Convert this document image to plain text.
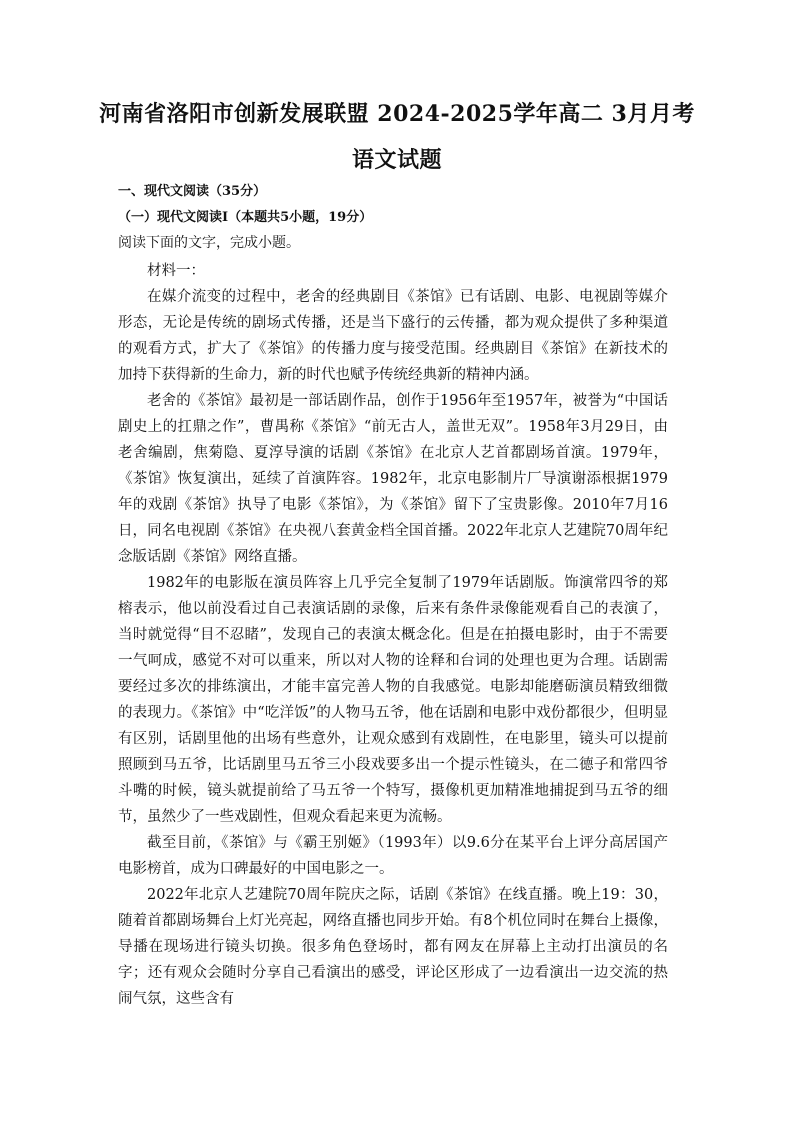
河南省洛阳市创新发展联盟 2024-2025学年高二 3月月考
语文试题
一、现代文阅读（35分）
（一）现代文阅读Ⅰ（本题共5小题，19分）
阅读下面的文字，完成小题。

材料一：

在媒介流变的过程中，老舍的经典剧目《茶馆》已有话剧、电影、电视剧等媒介形态，无论是传统的剧场式传播，还是当下盛行的云传播，都为观众提供了多种渠道的观看方式，扩大了《茶馆》的传播力度与接受范围。经典剧目《茶馆》在新技术的加持下获得新的生命力，新的时代也赋予传统经典新的精神内涵。

老舍的《茶馆》最初是一部话剧作品，创作于1956年至1957年，被誉为“中国话剧史上的扛鼎之作”，曹禺称《茶馆》“前无古人，盖世无双”。1958年3月29日，由老舍编剧，焦菊隐、夏淳导演的话剧《茶馆》在北京人艺首都剧场首演。1979年，《茶馆》恢复演出，延续了首演阵容。1982年，北京电影制片厂导演谢添根据1979年的戏剧《茶馆》执导了电影《茶馆》，为《茶馆》留下了宝贵影像。2010年7月16日，同名电视剧《茶馆》在央视八套黄金档全国首播。2022年北京人艺建院70周年纪念版话剧《茶馆》网络直播。

1982年的电影版在演员阵容上几乎完全复制了1979年话剧版。饰演常四爷的郑榕表示，他以前没看过自己表演话剧的录像，后来有条件录像能观看自己的表演了，当时就觉得“目不忍睹”，发现自己的表演太概念化。但是在拍摄电影时，由于不需要一气呵成，感觉不对可以重来，所以对人物的诠释和台词的处理也更为合理。话剧需要经过多次的排练演出，才能丰富完善人物的自我感觉。电影却能磨砺演员精致细微的表现力。《茶馆》中“吃洋饭”的人物马五爷，他在话剧和电影中戏份都很少，但明显有区别，话剧里他的出场有些意外，让观众感到有戏剧性，在电影里，镜头可以提前照顾到马五爷，比话剧里马五爷三小段戏要多出一个提示性镜头，在二德子和常四爷斗嘴的时候，镜头就提前给了马五爷一个特写，摄像机更加精准地捕捉到马五爷的细节，虽然少了一些戏剧性，但观众看起来更为流畅。

截至目前，《茶馆》与《霸王别姬》（1993年）以9.6分在某平台上评分高居国产电影榜首，成为口碑最好的中国电影之一。

2022年北京人艺建院70周年院庆之际，话剧《茶馆》在线直播。晚上19：30，随着首都剧场舞台上灯光亮起，网络直播也同步开始。有8个机位同时在舞台上摄像，导播在现场进行镜头切换。很多角色登场时，都有网友在屏幕上主动打出演员的名字；还有观众会随时分享自己看演出的感受，评论区形成了一边看演出一边交流的热闹气氛，这些含有
